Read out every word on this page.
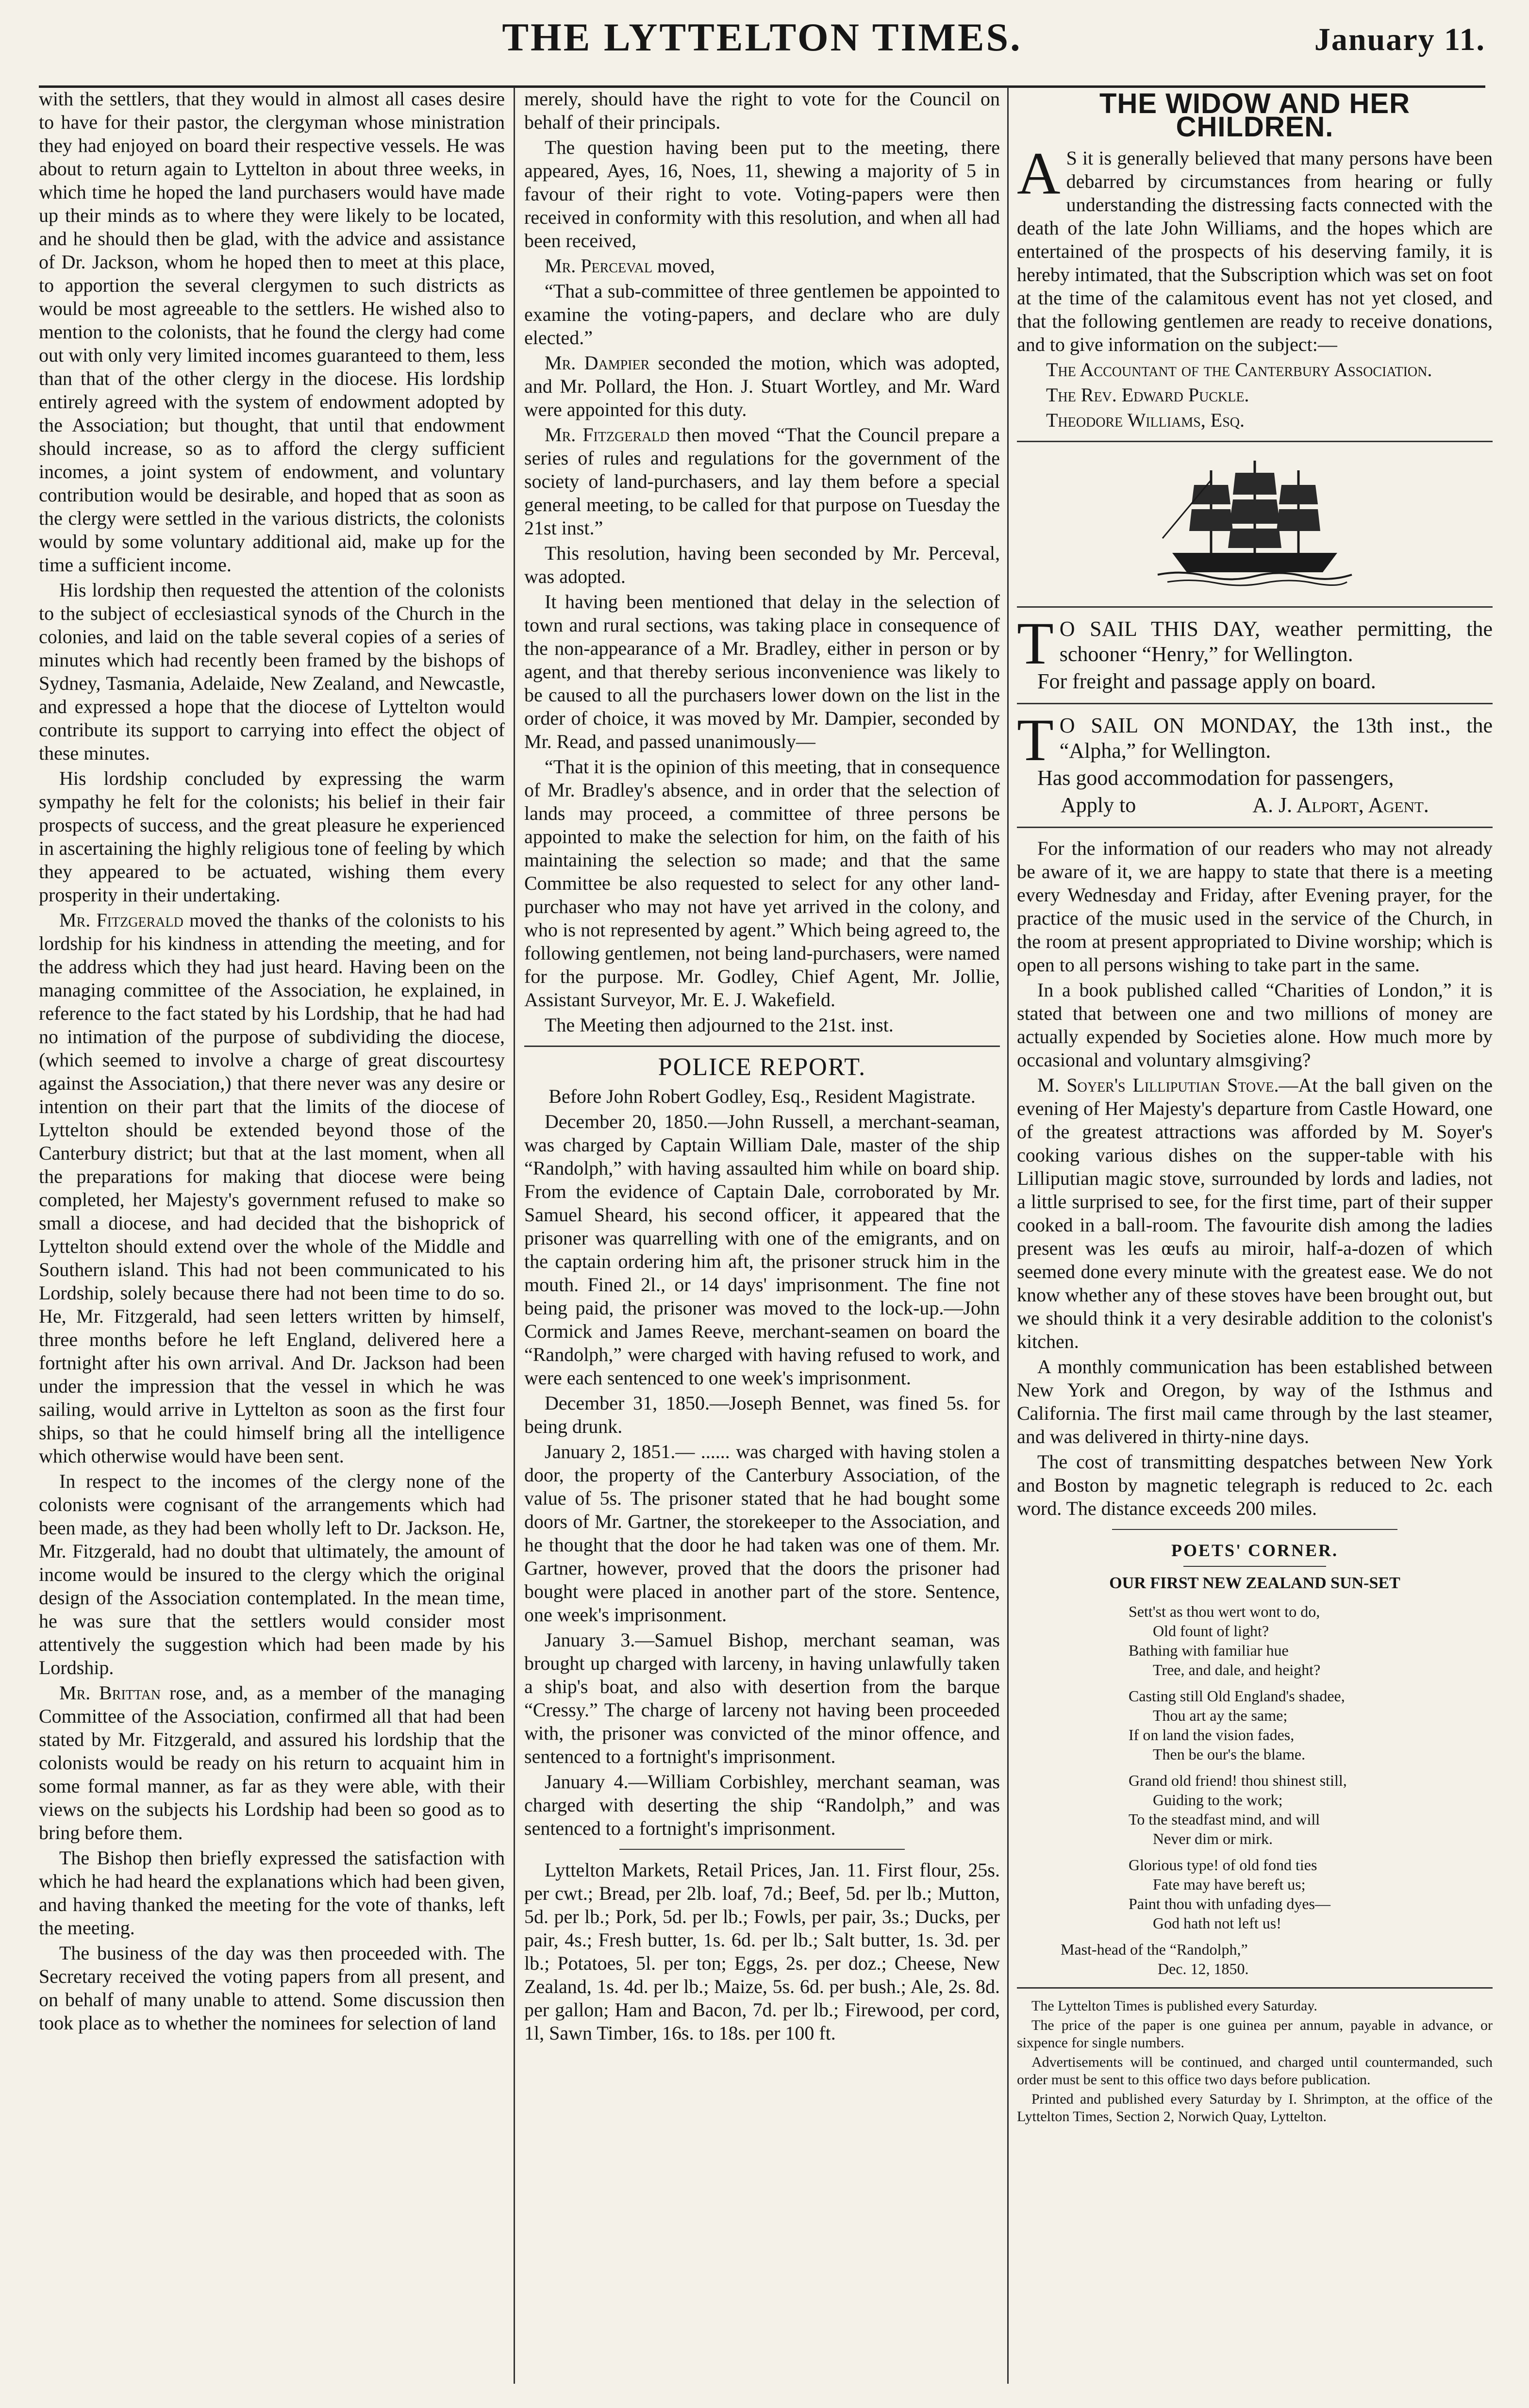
THE LYTTELTON TIMES.	January 11.

with the settlers, that they would in almost all cases desire to have for their pastor, the clergyman whose ministration they had enjoyed on board their respective vessels. He was about to return again to Lyttelton in about three weeks, in which time he hoped the land purchasers would have made up their minds as to where they were likely to be located, and he should then be glad, with the advice and assistance of Dr. Jackson, whom he hoped then to meet at this place, to apportion the several clergymen to such districts as would be most agreeable to the settlers. He wished also to mention to the colonists, that he found the clergy had come out with only very limited incomes guaranteed to them, less than that of the other clergy in the diocese. His lordship entirely agreed with the system of endowment adopted by the Association; but thought, that until that endowment should increase, so as to afford the clergy sufficient incomes, a joint system of endowment, and voluntary contribution would be desirable, and hoped that as soon as the clergy were settled in the various districts, the colonists would by some voluntary additional aid, make up for the time a sufficient income.

His lordship then requested the attention of the colonists to the subject of ecclesiastical synods of the Church in the colonies, and laid on the table several copies of a series of minutes which had recently been framed by the bishops of Sydney, Tasmania, Adelaide, New Zealand, and Newcastle, and expressed a hope that the diocese of Lyttelton would contribute its support to carrying into effect the object of these minutes.

His lordship concluded by expressing the warm sympathy he felt for the colonists; his belief in their fair prospects of success, and the great pleasure he experienced in ascertaining the highly religious tone of feeling by which they appeared to be actuated, wishing them every prosperity in their undertaking.

Mr. Fitzgerald moved the thanks of the colonists to his lordship for his kindness in attending the meeting, and for the address which they had just heard. Having been on the managing committee of the Association, he explained, in reference to the fact stated by his Lordship, that he had had no intimation of the purpose of subdividing the diocese, (which seemed to involve a charge of great discourtesy against the Association,) that there never was any desire or intention on their part that the limits of the diocese of Lyttelton should be extended beyond those of the Canterbury district; but that at the last moment, when all the preparations for making that diocese were being completed, her Majesty's government refused to make so small a diocese, and had decided that the bishoprick of Lyttelton should extend over the whole of the Middle and Southern island. This had not been communicated to his Lordship, solely because there had not been time to do so. He, Mr. Fitzgerald, had seen letters written by himself, three months before he left England, delivered here a fortnight after his own arrival. And Dr. Jackson had been under the impression that the vessel in which he was sailing, would arrive in Lyttelton as soon as the first four ships, so that he could himself bring all the intelligence which otherwise would have been sent.

In respect to the incomes of the clergy none of the colonists were cognisant of the arrangements which had been made, as they had been wholly left to Dr. Jackson. He, Mr. Fitzgerald, had no doubt that ultimately, the amount of income would be insured to the clergy which the original design of the Association contemplated. In the mean time, he was sure that the settlers would consider most attentively the suggestion which had been made by his Lordship.

Mr. Brittan rose, and, as a member of the managing Committee of the Association, confirmed all that had been stated by Mr. Fitzgerald, and assured his lordship that the colonists would be ready on his return to acquaint him in some formal manner, as far as they were able, with their views on the subjects his Lordship had been so good as to bring before them.

The Bishop then briefly expressed the satisfaction with which he had heard the explanations which had been given, and having thanked the meeting for the vote of thanks, left the meeting.

The business of the day was then proceeded with. The Secretary received the voting papers from all present, and on behalf of many unable to attend. Some discussion then took place as to whether the nominees for selection of land

merely, should have the right to vote for the Council on behalf of their principals.

The question having been put to the meeting, there appeared, Ayes, 16, Noes, 11, shewing a majority of 5 in favour of their right to vote. Voting-papers were then received in conformity with this resolution, and when all had been received,

Mr. Perceval moved,

“That a sub-committee of three gentlemen be appointed to examine the voting-papers, and declare who are duly elected.”

Mr. Dampier seconded the motion, which was adopted, and Mr. Pollard, the Hon. J. Stuart Wortley, and Mr. Ward were appointed for this duty.

Mr. Fitzgerald then moved “That the Council prepare a series of rules and regulations for the government of the society of land-purchasers, and lay them before a special general meeting, to be called for that purpose on Tuesday the 21st inst.”

This resolution, having been seconded by Mr. Perceval, was adopted.

It having been mentioned that delay in the selection of town and rural sections, was taking place in consequence of the non-appearance of a Mr. Bradley, either in person or by agent, and that thereby serious inconvenience was likely to be caused to all the purchasers lower down on the list in the order of choice, it was moved by Mr. Dampier, seconded by Mr. Read, and passed unanimously—

“That it is the opinion of this meeting, that in consequence of Mr. Bradley's absence, and in order that the selection of lands may proceed, a committee of three persons be appointed to make the selection for him, on the faith of his maintaining the selection so made; and that the same Committee be also requested to select for any other land-purchaser who may not have yet arrived in the colony, and who is not represented by agent.” Which being agreed to, the following gentlemen, not being land-purchasers, were named for the purpose. Mr. Godley, Chief Agent, Mr. Jollie, Assistant Surveyor, Mr. E. J. Wakefield.

The Meeting then adjourned to the 21st. inst.

POLICE REPORT.

Before John Robert Godley, Esq., Resident Magistrate.

December 20, 1850.—John Russell, a merchant-seaman, was charged by Captain William Dale, master of the ship “Randolph,” with having assaulted him while on board ship. From the evidence of Captain Dale, corroborated by Mr. Samuel Sheard, his second officer, it appeared that the prisoner was quarrelling with one of the emigrants, and on the captain ordering him aft, the prisoner struck him in the mouth. Fined 2l., or 14 days' imprisonment. The fine not being paid, the prisoner was moved to the lock-up.—John Cormick and James Reeve, merchant-seamen on board the “Randolph,” were charged with having refused to work, and were each sentenced to one week's imprisonment.

December 31, 1850.—Joseph Bennet, was fined 5s. for being drunk.

January 2, 1851.— ...... was charged with having stolen a door, the property of the Canterbury Association, of the value of 5s. The prisoner stated that he had bought some doors of Mr. Gartner, the storekeeper to the Association, and he thought that the door he had taken was one of them. Mr. Gartner, however, proved that the doors the prisoner had bought were placed in another part of the store. Sentence, one week's imprisonment.

January 3.—Samuel Bishop, merchant seaman, was brought up charged with larceny, in having unlawfully taken a ship's boat, and also with desertion from the barque “Cressy.” The charge of larceny not having been proceeded with, the prisoner was convicted of the minor offence, and sentenced to a fortnight's imprisonment.

January 4.—William Corbishley, merchant seaman, was charged with deserting the ship “Randolph,” and was sentenced to a fortnight's imprisonment.

Lyttelton Markets, Retail Prices, Jan. 11. First flour, 25s. per cwt.; Bread, per 2lb. loaf, 7d.; Beef, 5d. per lb.; Mutton, 5d. per lb.; Pork, 5d. per lb.; Fowls, per pair, 3s.; Ducks, per pair, 4s.; Fresh butter, 1s. 6d. per lb.; Salt butter, 1s. 3d. per lb.; Potatoes, 5l. per ton; Eggs, 2s. per doz.; Cheese, New Zealand, 1s. 4d. per lb.; Maize, 5s. 6d. per bush.; Ale, 2s. 8d. per gallon; Ham and Bacon, 7d. per lb.; Firewood, per cord, 1l, Sawn Timber, 16s. to 18s. per 100 ft.

THE WIDOW AND HER CHILDREN.

A S it is generally believed that many persons have been debarred by circumstances from hearing or fully understanding the distressing facts connected with the death of the late John Williams, and the hopes which are entertained of the prospects of his deserving family, it is hereby intimated, that the Subscription which was set on foot at the time of the calamitous event has not yet closed, and that the following gentlemen are ready to receive donations, and to give information on the subject:—

The Accountant of the Canterbury Association.

The Rev. Edward Puckle.

Theodore Williams, Esq.

T O SAIL THIS DAY, weather permitting, the schooner “Henry,” for Wellington.

For freight and passage apply on board.

T O SAIL ON MONDAY, the 13th inst., the “Alpha,” for Wellington.

Has good accommodation for passengers,

Apply to	A. J. Alport, Agent.

For the information of our readers who may not already be aware of it, we are happy to state that there is a meeting every Wednesday and Friday, after Evening prayer, for the practice of the music used in the service of the Church, in the room at present appropriated to Divine worship; which is open to all persons wishing to take part in the same.

In a book published called “Charities of London,” it is stated that between one and two millions of money are actually expended by Societies alone. How much more by occasional and voluntary almsgiving?

M. Soyer's Lilliputian Stove.—At the ball given on the evening of Her Majesty's departure from Castle Howard, one of the greatest attractions was afforded by M. Soyer's cooking various dishes on the supper-table with his Lilliputian magic stove, surrounded by lords and ladies, not a little surprised to see, for the first time, part of their supper cooked in a ball-room. The favourite dish among the ladies present was les œufs au miroir, half-a-dozen of which seemed done every minute with the greatest ease. We do not know whether any of these stoves have been brought out, but we should think it a very desirable addition to the colonist's kitchen.

A monthly communication has been established between New York and Oregon, by way of the Isthmus and California. The first mail came through by the last steamer, and was delivered in thirty-nine days.

The cost of transmitting despatches between New York and Boston by magnetic telegraph is reduced to 2c. each word. The distance exceeds 200 miles.

POETS' CORNER.
OUR FIRST NEW ZEALAND SUN-SET
Sett'st as thou wert wont to do,
Old fount of light?
Bathing with familiar hue
Tree, and dale, and height?
Casting still Old England's shadee,
Thou art ay the same;
If on land the vision fades,
Then be our's the blame.
Grand old friend! thou shinest still,
Guiding to the work;
To the steadfast mind, and will
Never dim or mirk.
Glorious type! of old fond ties
Fate may have bereft us;
Paint thou with unfading dyes—
God hath not left us!
Mast-head of the “Randolph,”
Dec. 12, 1850.

The Lyttelton Times is published every Saturday.

The price of the paper is one guinea per annum, payable in advance, or sixpence for single numbers.

Advertisements will be continued, and charged until countermanded, such order must be sent to this office two days before publication.

Printed and published every Saturday by I. Shrimpton, at the office of the Lyttelton Times, Section 2, Norwich Quay, Lyttelton.
